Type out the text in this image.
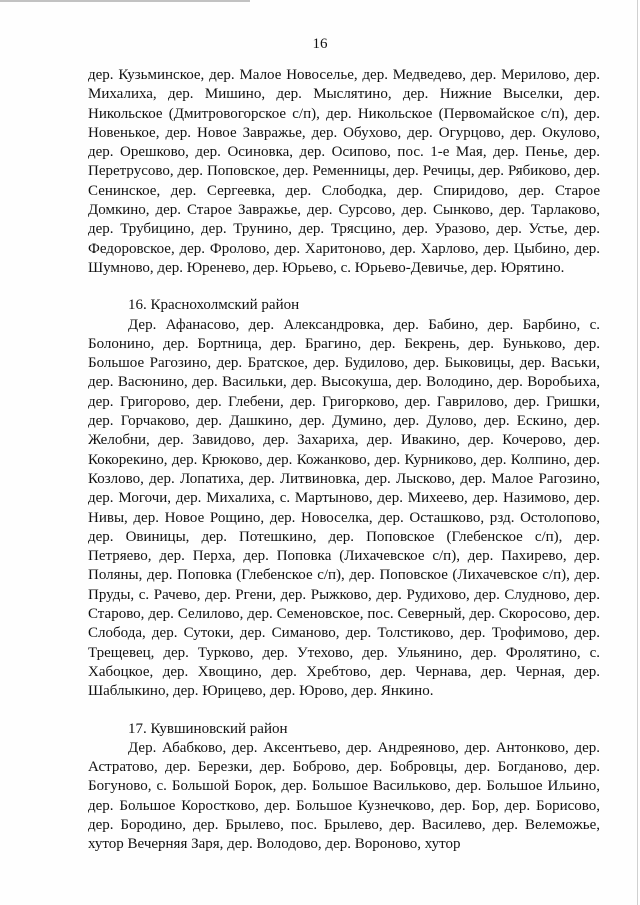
16

дер. Кузьминское, дер. Малое Новоселье, дер. Медведево, дер. Мерилово, дер. Михалиха, дер. Мишино, дер. Мыслятино, дер. Нижние Выселки, дер. Никольское (Дмитровогорское с/п), дер. Никольское (Первомайское с/п), дер. Новенькое, дер. Новое Завражье, дер. Обухово, дер. Огурцово, дер. Окулово, дер. Орешково, дер. Осиновка, дер. Осипово, пос. 1-е Мая, дер. Пенье, дер. Перетрусово, дер. Поповское, дер. Ременницы, дер. Речицы, дер. Рябиково, дер. Сенинское, дер. Сергеевка, дер. Слободка, дер. Спиридово, дер. Старое Домкино, дер. Старое Завражье, дер. Сурсово, дер. Сынково, дер. Тарлаково, дер. Трубицино, дер. Трунино, дер. Трясцино, дер. Уразово, дер. Устье, дер. Федоровское, дер. Фролово, дер. Харитоново, дер. Харлово, дер. Цыбино, дер. Шумново, дер. Юренево, дер. Юрьево, с. Юрьево-Девичье, дер. Юрятино.

16. Краснохолмский район

Дер. Афанасово, дер. Александровка, дер. Бабино, дер. Барбино, с. Болонино, дер. Бортница, дер. Брагино, дер. Бекрень, дер. Буньково, дер. Большое Рагозино, дер. Братское, дер. Будилово, дер. Быковицы, дер. Васьки, дер. Васюнино, дер. Васильки, дер. Высокуша, дер. Володино, дер. Воробьиха, дер. Григорово, дер. Глебени, дер. Григорково, дер. Гаврилово, дер. Гришки, дер. Горчаково, дер. Дашкино, дер. Думино, дер. Дулово, дер. Ескино, дер. Желобни, дер. Завидово, дер. Захариха, дер. Ивакино, дер. Кочерово, дер. Кокорекино, дер. Крюково, дер. Кожанково, дер. Курниково, дер. Колпино, дер. Козлово, дер. Лопатиха, дер. Литвиновка, дер. Лысково, дер. Малое Рагозино, дер. Могочи, дер. Михалиха, с. Мартыново, дер. Михеево, дер. Назимово, дер. Нивы, дер. Новое Рощино, дер. Новоселка, дер. Осташково, рзд. Остолопово, дер. Овиницы, дер. Потешкино, дер. Поповское (Глебенское с/п), дер. Петряево, дер. Перха, дер. Поповка (Лихачевское с/п), дер. Пахирево, дер. Поляны, дер. Поповка (Глебенское с/п), дер. Поповское (Лихачевское с/п), дер. Пруды, с. Рачево, дер. Ргени, дер. Рыжково, дер. Рудихово, дер. Слудново, дер. Старово, дер. Селилово, дер. Семеновское, пос. Северный, дер. Скоросово, дер. Слобода, дер. Сутоки, дер. Симаново, дер. Толстиково, дер. Трофимово, дер. Трещевец, дер. Турково, дер. Утехово, дер. Ульянино, дер. Фролятино, с. Хабоцкое, дер. Хвощино, дер. Хребтово, дер. Чернава, дер. Черная, дер. Шаблыкино, дер. Юрицево, дер. Юрово, дер. Янкино.

17. Кувшиновский район

Дер. Абабково, дер. Аксентьево, дер. Андреяново, дер. Антонково, дер. Астратово, дер. Березки, дер. Боброво, дер. Бобровцы, дер. Богданово, дер. Богуново, с. Большой Борок, дер. Большое Васильково, дер. Большое Ильино, дер. Большое Коростково, дер. Большое Кузнечково, дер. Бор, дер. Борисово, дер. Бородино, дер. Брылево, пос. Брылево, дер. Василево, дер. Велеможье, хутор Вечерняя Заря, дер. Володово, дер. Вороново, хутор
